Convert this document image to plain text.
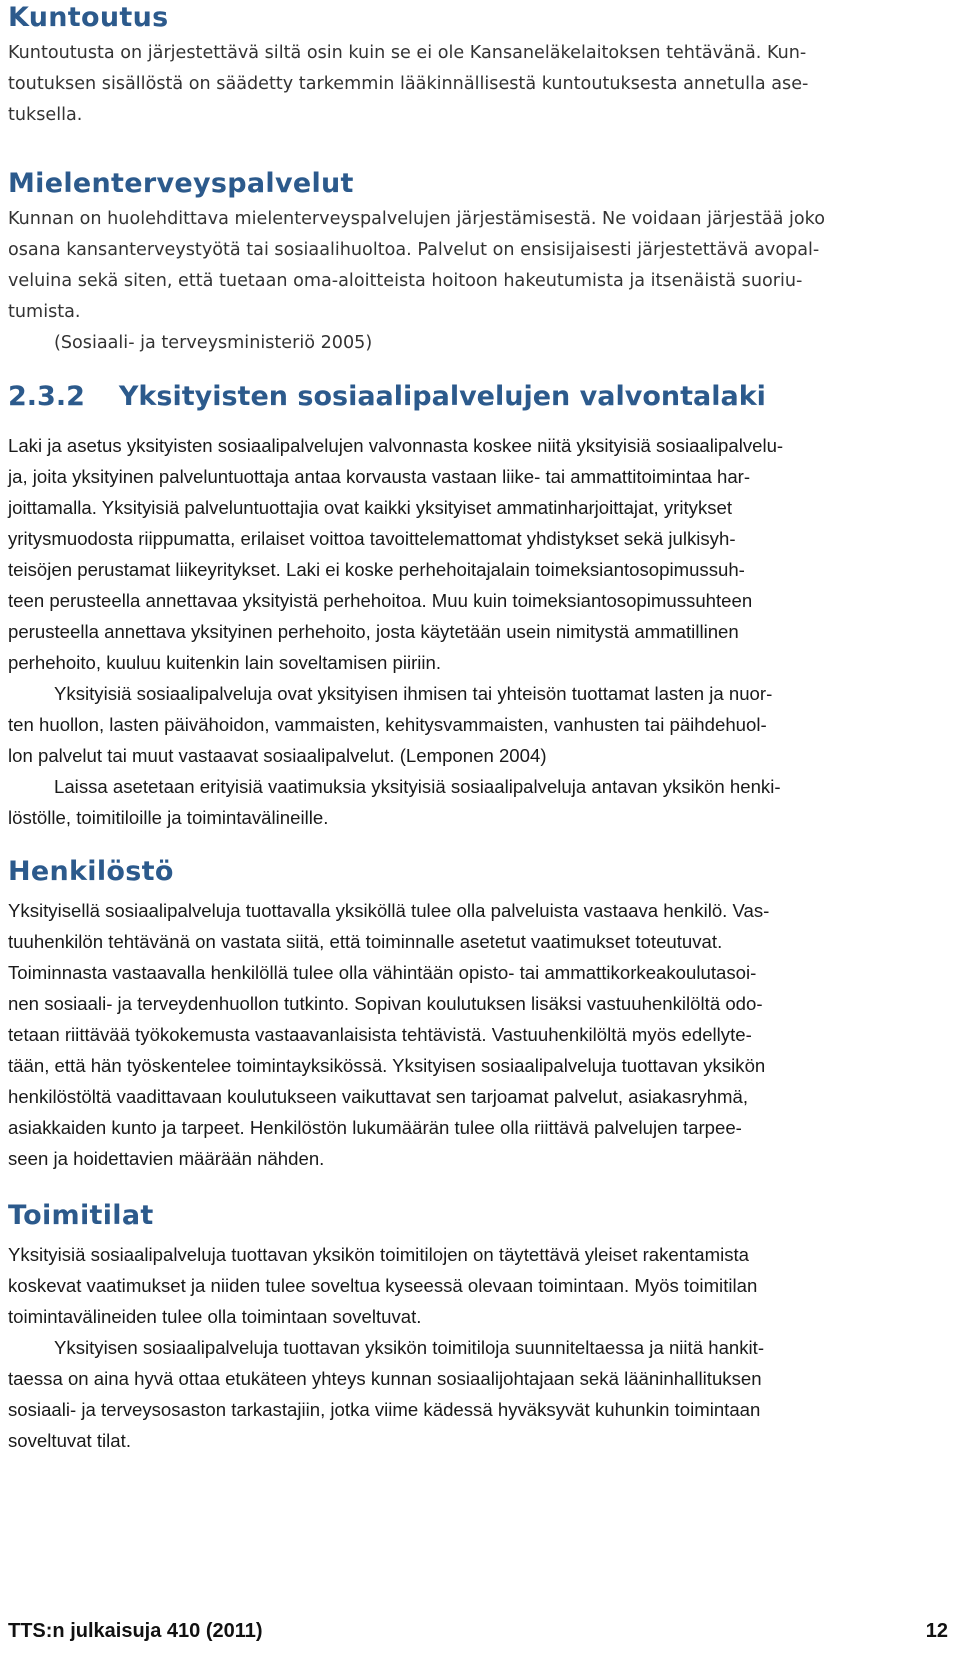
Kuntoutus
Kuntoutusta on järjestettävä siltä osin kuin se ei ole Kansaneläkelaitoksen tehtävänä. Kun-
toutuksen sisällöstä on säädetty tarkemmin lääkinnällisestä kuntoutuksesta annetulla ase-
tuksella.
Mielenterveyspalvelut
Kunnan on huolehdittava mielenterveyspalvelujen järjestämisestä. Ne voidaan järjestää joko
osana kansanterveystyötä tai sosiaalihuoltoa. Palvelut on ensisijaisesti järjestettävä avopal-
veluina sekä siten, että tuetaan oma-aloitteista hoitoon hakeutumista ja itsenäistä suoriu-
tumista.
(Sosiaali- ja terveysministeriö 2005)
2.3.2 Yksityisten sosiaalipalvelujen valvontalaki
Laki ja asetus yksityisten sosiaalipalvelujen valvonnasta koskee niitä yksityisiä sosiaalipalvelu-
ja, joita yksityinen palveluntuottaja antaa korvausta vastaan liike- tai ammattitoimintaa har-
joittamalla. Yksityisiä palveluntuottajia ovat kaikki yksityiset ammatinharjoittajat, yritykset
yritysmuodosta riippumatta, erilaiset voittoa tavoittelemattomat yhdistykset sekä julkisyh-
teisöjen perustamat liikeyritykset. Laki ei koske perhehoitajalain toimeksiantosopimussuh-
teen perusteella annettavaa yksityistä perhehoitoa. Muu kuin toimeksiantosopimussuhteen
perusteella annettava yksityinen perhehoito, josta käytetään usein nimitystä ammatillinen
perhehoito, kuuluu kuitenkin lain soveltamisen piiriin.
Yksityisiä sosiaalipalveluja ovat yksityisen ihmisen tai yhteisön tuottamat lasten ja nuor-
ten huollon, lasten päivähoidon, vammaisten, kehitysvammaisten, vanhusten tai päihdehuol-
lon palvelut tai muut vastaavat sosiaalipalvelut. (Lemponen 2004)
Laissa asetetaan erityisiä vaatimuksia yksityisiä sosiaalipalveluja antavan yksikön henki-
löstölle, toimitiloille ja toimintavälineille.
Henkilöstö
Yksityisellä sosiaalipalveluja tuottavalla yksiköllä tulee olla palveluista vastaava henkilö. Vas-
tuuhenkilön tehtävänä on vastata siitä, että toiminnalle asetetut vaatimukset toteutuvat.
Toiminnasta vastaavalla henkilöllä tulee olla vähintään opisto- tai ammattikorkeakoulutasoi-
nen sosiaali- ja terveydenhuollon tutkinto. Sopivan koulutuksen lisäksi vastuuhenkilöltä odo-
tetaan riittävää työkokemusta vastaavanlaisista tehtävistä. Vastuuhenkilöltä myös edellyte-
tään, että hän työskentelee toimintayksikössä. Yksityisen sosiaalipalveluja tuottavan yksikön
henkilöstöltä vaadittavaan koulutukseen vaikuttavat sen tarjoamat palvelut, asiakasryhmä,
asiakkaiden kunto ja tarpeet. Henkilöstön lukumäärän tulee olla riittävä palvelujen tarpee-
seen ja hoidettavien määrään nähden.
Toimitilat
Yksityisiä sosiaalipalveluja tuottavan yksikön toimitilojen on täytettävä yleiset rakentamista
koskevat vaatimukset ja niiden tulee soveltua kyseessä olevaan toimintaan. Myös toimitilan
toimintavälineiden tulee olla toimintaan soveltuvat.
Yksityisen sosiaalipalveluja tuottavan yksikön toimitiloja suunniteltaessa ja niitä hankit-
taessa on aina hyvä ottaa etukäteen yhteys kunnan sosiaalijohtajaan sekä lääninhallituksen
sosiaali- ja terveysosaston tarkastajiin, jotka viime kädessä hyväksyvät kuhunkin toimintaan
soveltuvat tilat.
TTS:n julkaisuja 410 (2011)	12
